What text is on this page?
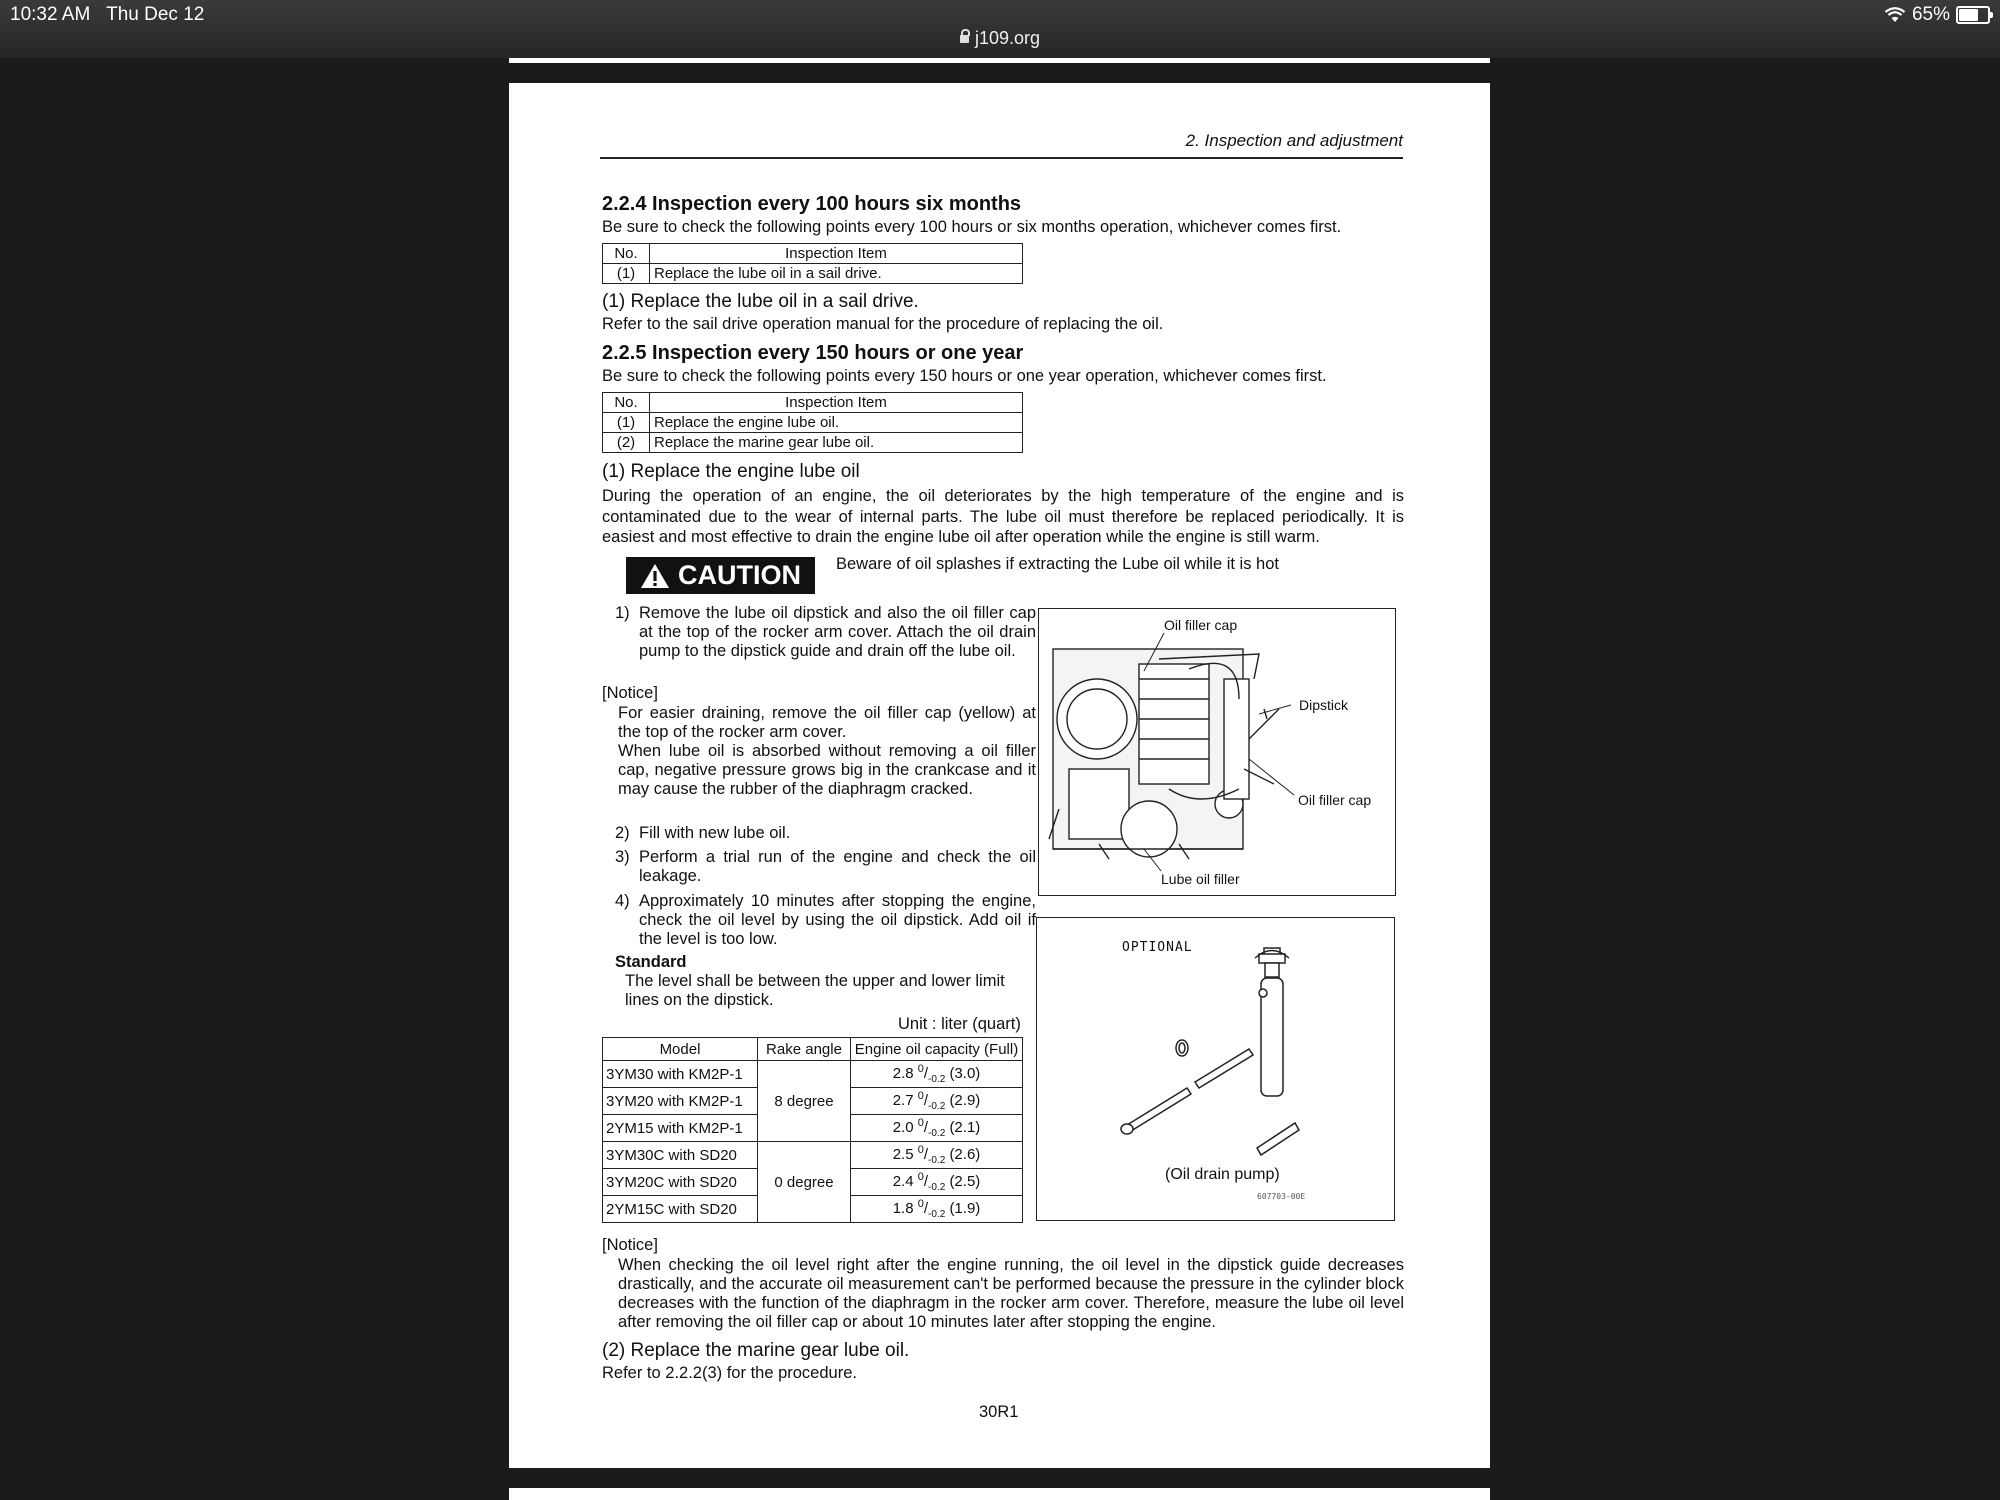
10:32 AM Thu Dec 12	65%
j109.org
2. Inspection and adjustment
2.2.4 Inspection every 100 hours six months
Be sure to check the following points every 100 hours or six months operation, whichever comes first.
No.	Inspection Item
(1)	Replace the lube oil in a sail drive.
(1) Replace the lube oil in a sail drive.
Refer to the sail drive operation manual for the procedure of replacing the oil.
2.2.5 Inspection every 150 hours or one year
Be sure to check the following points every 150 hours or one year operation, whichever comes first.
No.	Inspection Item
(1)	Replace the engine lube oil.
(2)	Replace the marine gear lube oil.
(1) Replace the engine lube oil
During the operation of an engine, the oil deteriorates by the high temperature of the engine and is contaminated due to the wear of internal parts. The lube oil must therefore be replaced periodically. It is easiest and most effective to drain the engine lube oil after operation while the engine is still warm.
CAUTION Beware of oil splashes if extracting the Lube oil while it is hot
1) Remove the lube oil dipstick and also the oil filler cap at the top of the rocker arm cover. Attach the oil drain pump to the dipstick guide and drain off the lube oil.
[Notice]
For easier draining, remove the oil filler cap (yellow) at the top of the rocker arm cover.
When lube oil is absorbed without removing a oil filler cap, negative pressure grows big in the crankcase and it may cause the rubber of the diaphragm cracked.
2) Fill with new lube oil.
3) Perform a trial run of the engine and check the oil leakage.
4) Approximately 10 minutes after stopping the engine, check the oil level by using the oil dipstick. Add oil if the level is too low.
Standard
The level shall be between the upper and lower limit lines on the dipstick.
Unit : liter (quart)
Model	Rake angle	Engine oil capacity (Full)
3YM30 with KM2P-1	8 degree	2.8 $^0/_{-0.2}$ (3.0)
3YM20 with KM2P-1		2.7 $^0/_{-0.2}$ (2.9)
2YM15 with KM2P-1		2.0 $^0/_{-0.2}$ (2.1)
3YM30C with SD20	0 degree	2.5 $^0/_{-0.2}$ (2.6)
3YM20C with SD20		2.4 $^0/_{-0.2}$ (2.5)
2YM15C with SD20		1.8 $^0/_{-0.2}$ (1.9)
Oil filler cap
Dipstick
Oil filler cap
Lube oil filler
OPTIONAL
(Oil drain pump)
607703-00E
[Notice]
When checking the oil level right after the engine running, the oil level in the dipstick guide decreases drastically, and the accurate oil measurement can't be performed because the pressure in the cylinder block decreases with the function of the diaphragm in the rocker arm cover. Therefore, measure the lube oil level after removing the oil filler cap or about 10 minutes later after stopping the engine.
(2) Replace the marine gear lube oil.
Refer to 2.2.2(3) for the procedure.
30R1
